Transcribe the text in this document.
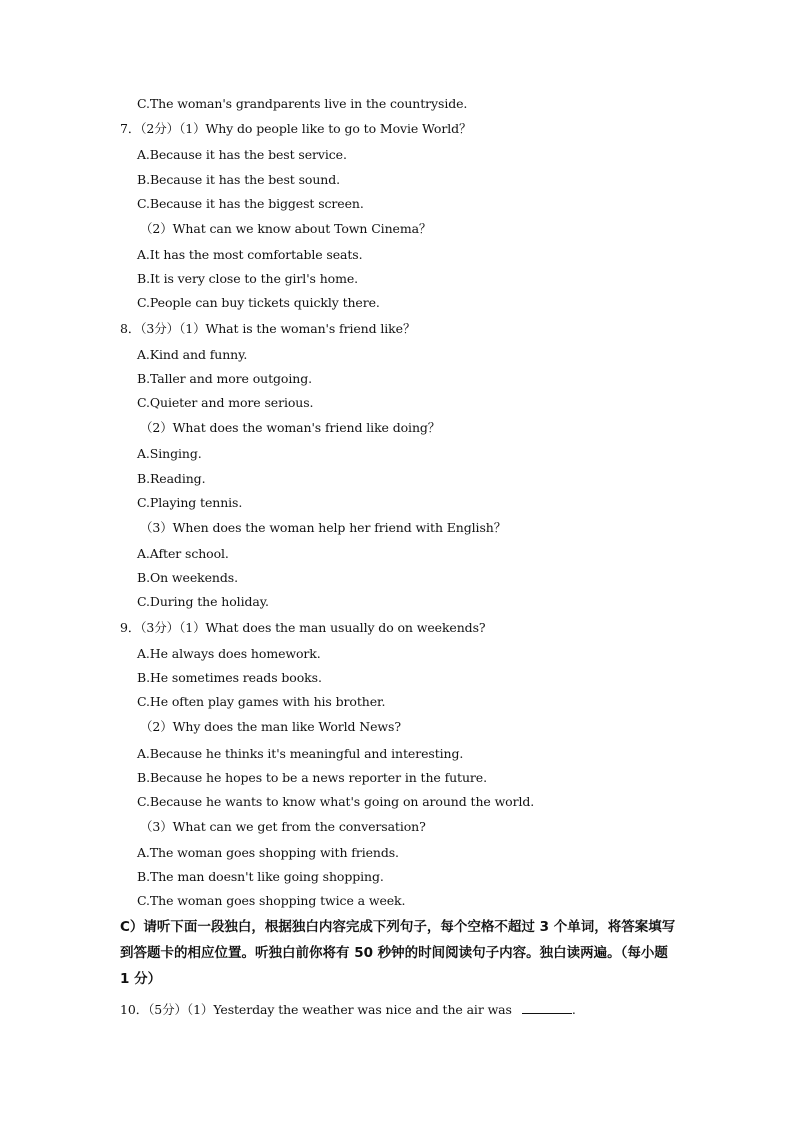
C.The woman's grandparents live in the countryside.
7．（2分）（1）Why do people like to go to Movie World？
A.Because it has the best service.
B.Because it has the best sound.
C.Because it has the biggest screen.
（2）What can we know about Town Cinema？
A.It has the most comfortable seats.
B.It is very close to the girl's home.
C.People can buy tickets quickly there.
8．（3分）（1）What is the woman's friend like？
A.Kind and funny.
B.Taller and more outgoing.
C.Quieter and more serious.
（2）What does the woman's friend like doing？
A.Singing.
B.Reading.
C.Playing tennis.
（3）When does the woman help her friend with English？
A.After school.
B.On weekends.
C.During the holiday.
9．（3分）（1）What does the man usually do on weekends?
A.He always does homework.
B.He sometimes reads books.
C.He often play games with his brother.
（2）Why does the man like World News?
A.Because he thinks it's meaningful and interesting.
B.Because he hopes to be a news reporter in the future.
C.Because he wants to know what's going on around the world.
（3）What can we get from the conversation?
A.The woman goes shopping with friends.
B.The man doesn't like going shopping.
C.The woman goes shopping twice a week.
C）请听下面一段独白，根据独白内容完成下列句子，每个空格不超过 3 个单词，将答案填写到答题卡的相应位置。听独白前你将有 50 秒钟的时间阅读句子内容。独白读两遍。（每小题 1 分）
10．（5分）（1）Yesterday the weather was nice and the air was	.
